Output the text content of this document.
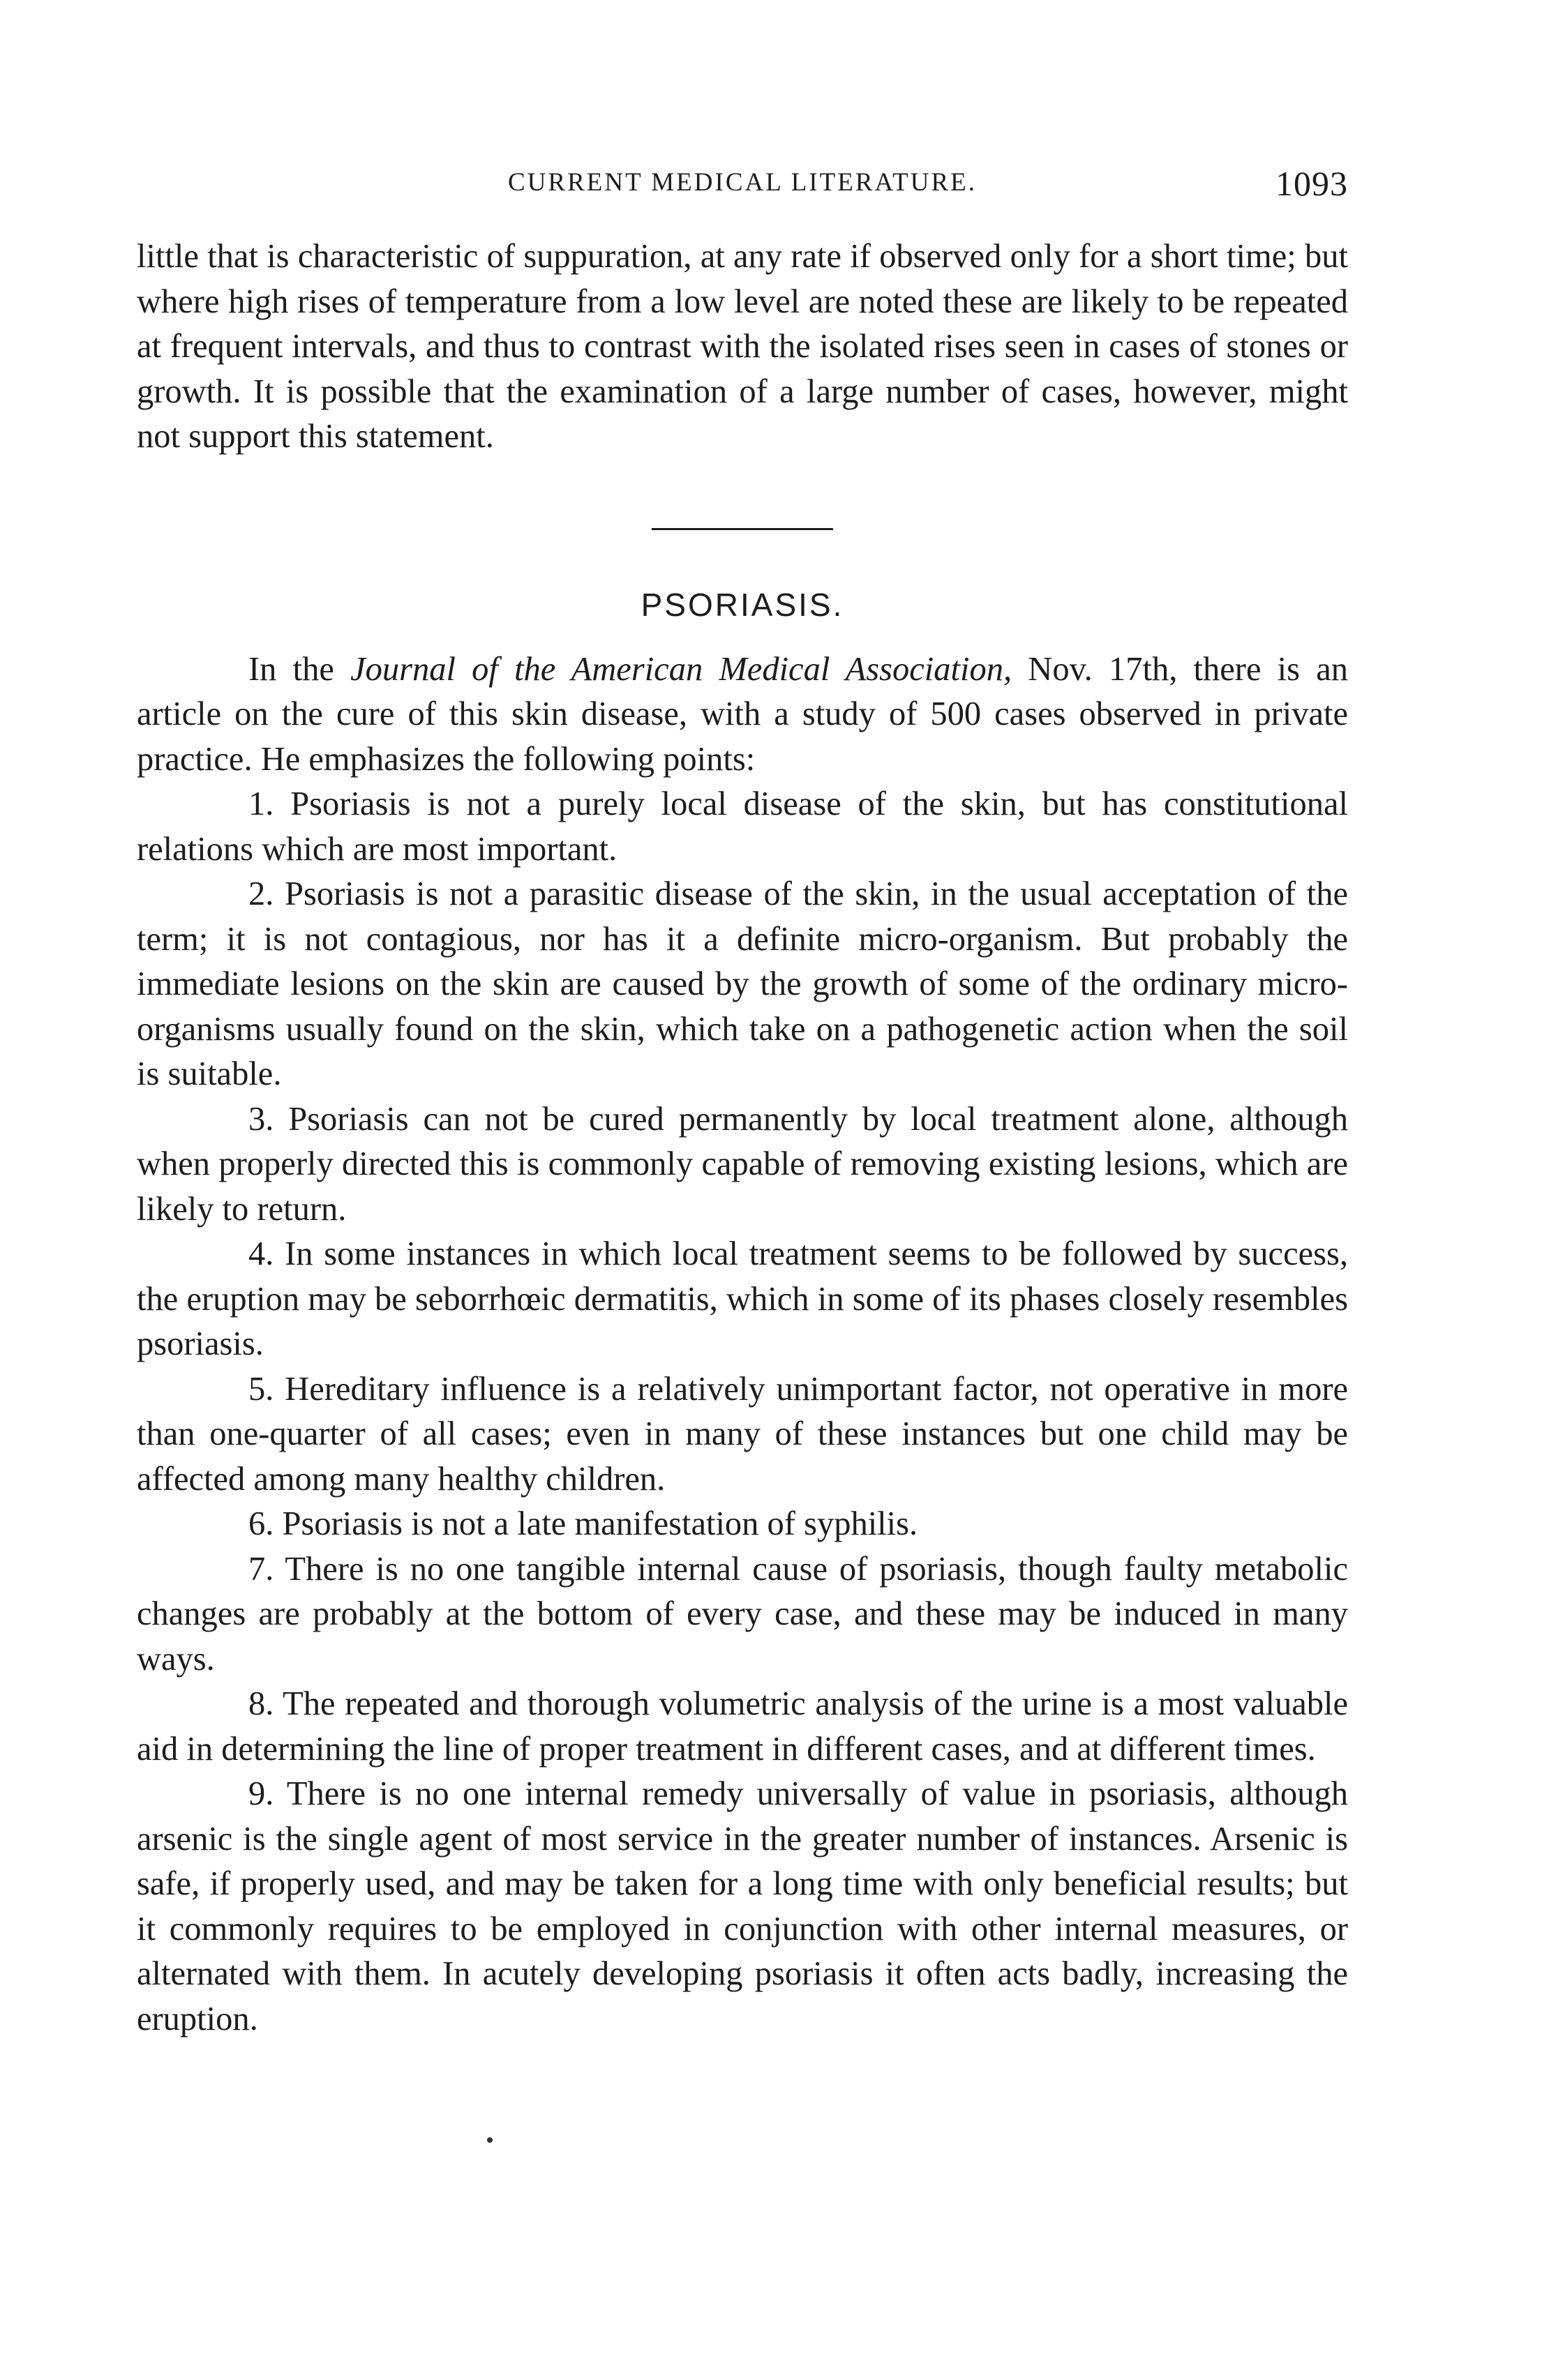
CURRENT MEDICAL LITERATURE.	1093

little that is characteristic of suppuration, at any rate if observed only for a short time; but where high rises of temperature from a low level are noted these are likely to be repeated at frequent intervals, and thus to contrast with the isolated rises seen in cases of stones or growth. It is possible that the examination of a large number of cases, however, might not support this statement.

PSORIASIS.

In the Journal of the American Medical Association, Nov. 17th, there is an article on the cure of this skin disease, with a study of 500 cases observed in private practice. He emphasizes the following points:

1. Psoriasis is not a purely local disease of the skin, but has constitutional relations which are most important.

2. Psoriasis is not a parasitic disease of the skin, in the usual acceptation of the term; it is not contagious, nor has it a definite micro-organism. But probably the immediate lesions on the skin are caused by the growth of some of the ordinary micro-organisms usually found on the skin, which take on a pathogenetic action when the soil is suitable.

3. Psoriasis can not be cured permanently by local treatment alone, although when properly directed this is commonly capable of removing existing lesions, which are likely to return.

4. In some instances in which local treatment seems to be followed by success, the eruption may be seborrhœic dermatitis, which in some of its phases closely resembles psoriasis.

5. Hereditary influence is a relatively unimportant factor, not operative in more than one-quarter of all cases; even in many of these instances but one child may be affected among many healthy children.

6. Psoriasis is not a late manifestation of syphilis.

7. There is no one tangible internal cause of psoriasis, though faulty metabolic changes are probably at the bottom of every case, and these may be induced in many ways.

8. The repeated and thorough volumetric analysis of the urine is a most valuable aid in determining the line of proper treatment in different cases, and at different times.

9. There is no one internal remedy universally of value in psoriasis, although arsenic is the single agent of most service in the greater number of instances. Arsenic is safe, if properly used, and may be taken for a long time with only beneficial results; but it commonly requires to be employed in conjunction with other internal measures, or alternated with them. In acutely developing psoriasis it often acts badly, increasing the eruption.
